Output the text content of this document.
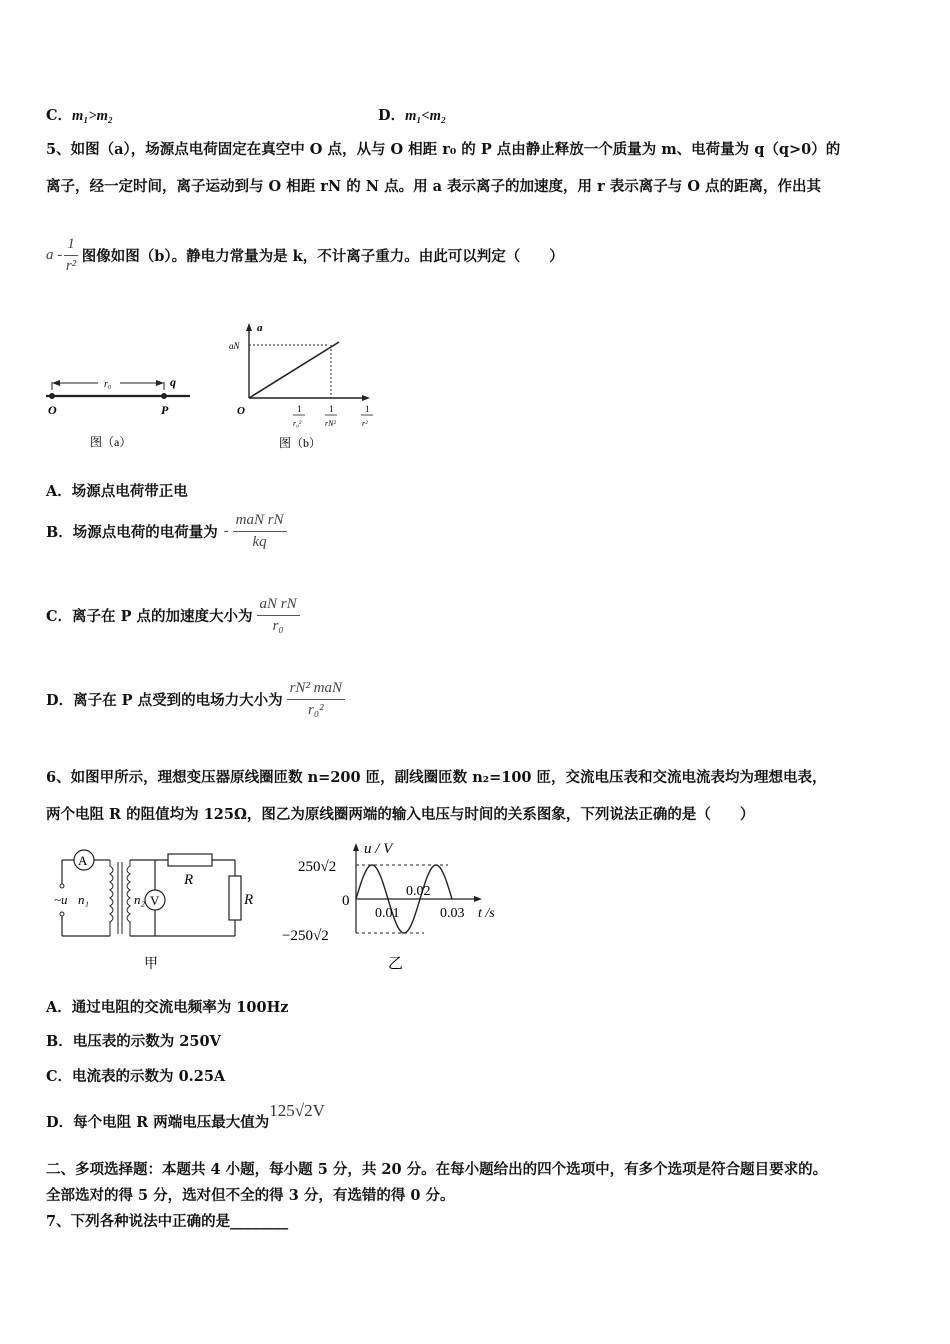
C．m₁>m₂	D．m₁<m₂
5、如图（a），场源点电荷固定在真空中 O 点，从与 O 相距 r₀ 的 P 点由静止释放一个质量为 m、电荷量为 q（q>0）的
离子，经一定时间，离子运动到与 O 相距 rN 的 N 点。用 a 表示离子的加速度，用 r 表示离子与 O 点的距离，作出其
a - $\frac{1}{\text{r²}}$ 图像如图（b）。静电力常量为是 k，不计离子重力。由此可以判定（　　）
r₀	q
O	P
图（a）
a
aN
O	1
r₀²
1
rN²
1
r²
图（b）
A．场源点电荷带正电
B．场源点电荷的电荷量为 - $\frac{\text{maN rN}}{kq}$
C．离子在 P 点的加速度大小为 $\frac{\text{aN rN}}{\text{r₀}}$
D．离子在 P 点受到的电场力大小为 $\frac{\text{rN² maN}}{\text{r₀²}}$
6、如图甲所示，理想变压器原线圈匝数 n=200 匝，副线圈匝数 n₂=100 匝，交流电压表和交流电流表均为理想电表，
两个电阻 R 的阻值均为 125Ω，图乙为原线圈两端的输入电压与时间的关系图象，下列说法正确的是（　　）
A
~u n₁	n₂ V
R
R
甲
u / V
250√2
0
−250√2
0.01
0.02
0.03 t /s
乙
A．通过电阻的交流电频率为 100Hz
B．电压表的示数为 250V
C．电流表的示数为 0.25A
D．每个电阻 R 两端电压最大值为
125√2V
二、多项选择题：本题共 4 小题，每小题 5 分，共 20 分。在每小题给出的四个选项中，有多个选项是符合题目要求的。
全部选对的得 5 分，选对但不全的得 3 分，有选错的得 0 分。
7、下列各种说法中正确的是________
